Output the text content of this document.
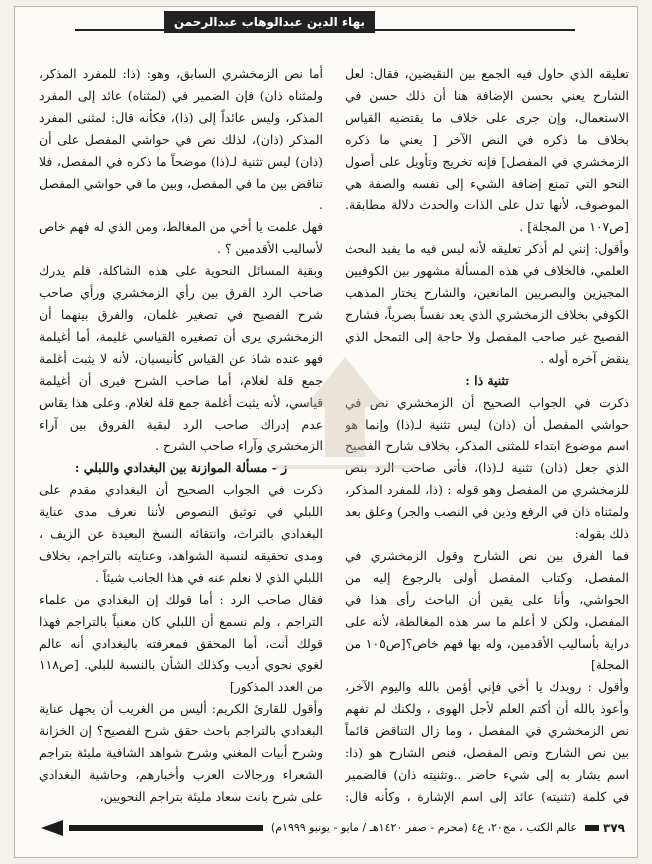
بهاء الدين عبدالوهاب عبدالرحمن

تعليقه الذي حاول فيه الجمع بين النقيضين، فقال: لعل الشارح يعني بحسن الإضافة هنا أن ذلك حسن في الاستعمال، وإن جرى على خلاف ما يقتضيه القياس بخلاف ما ذكره في النص الآخر [ يعني ما ذكره الزمخشري في المفصل] فإنه تخريج وتأويل على أصول النحو التي تمنع إضافة الشيء إلى نفسه والصفة هي الموصوف، لأنها تدل على الذات والحدث دلالة مطابقة. [ص١٠٧ من المجلة] .

وأقول: إنني لم أذكر تعليقه لأنه ليس فيه ما يفيد البحث العلمي، فالخلاف في هذه المسألة مشهور بين الكوفيين المجيزين والبصريين المانعين، والشارح يختار المذهب الكوفي بخلاف الزمخشري الذي يعد نفساً بصرياً، فشارح الفصيح غير صاحب المفصل ولا حاجة إلى التمحل الذي ينقض آخره أوله .

تثنية ذا :

ذكرت في الجواب الصحيح أن الزمخشري نص في حواشي المفصل أن (ذان) ليس تثنية لـ(ذا) وإنما هو اسم موضوع ابتداء للمثنى المذكر، بخلاف شارح الفصيح الذي جعل (ذان) تثنية لـ(ذا)، فأتى صاحب الرد بنص للزمخشري من المفصل وهو قوله : (ذا، للمفرد المذكر، ولمثناه ذان في الرفع وذين في النصب والجر) وعلق بعد ذلك بقوله:

فما الفرق بين نص الشارح وقول الزمخشري في المفصل، وكتاب المفصل أولى بالرجوع إليه من الحواشي، وأنا على يقين أن الباحث رأى هذا في المفصل، ولكن لا أعلم ما سر هذه المغالطة، لأنه على دراية بأساليب الأقدمين، وله بها فهم خاص؟[ص١٠٥ من المجلة]

وأقول : رويدك يا أخي فإني أؤمن بالله واليوم الآخر، وأعوذ بالله أن أكتم العلم لأجل الهوى ، ولكنك لم تفهم نص الزمخشري في المفصل ، وما زال التناقض قائماً بين نص الشارح ونص المفصل، فنص الشارح هو (ذا: اسم يشار به إلى شيء حاضر ..وتثنيته ذان) فالضمير في كلمة (تثنيته) عائد إلى اسم الإشارة ، وكأنه قال:

أما نص الزمخشري السابق، وهو: (ذا: للمفرد المذكر، ولمثناه ذان) فإن الضمير في (لمثناه) عائد إلى المفرد المذكر، وليس عائداً إلى (ذا)، فكأنه قال: لمثنى المفرد المذكر (ذان)، لذلك نص في حواشي المفصل على أن (ذان) ليس تثنية لـ(ذا) موضحاً ما ذكره في المفصل، فلا تناقض بين ما في المفصل، وبين ما في حواشي المفصل .

فهل علمت يا أخي من المغالط، ومن الذي له فهم خاص لأساليب الأقدمين ؟ .

وبقية المسائل النحوية على هذه الشاكلة، فلم يدرك صاحب الرد الفرق بين رأي الزمخشري ورأي صاحب شرح الفصيح في تصغير غلمان، والفرق بينهما أن الزمخشري يرى أن تصغيره القياسي غليمة، أما أغيلمة فهو عنده شاذ عن القياس كأنيسيان، لأنه لا يثبت أغلمة جمع قلة لغلام، أما صاحب الشرح فيرى أن أغيلمة قياسي، لأنه يثبت أغلمة جمع قلة لغلام. وعلى هذا يقاس عدم إدراك صاحب الرد لبقية الفروق بين آراء الزمخشري وآراء صاحب الشرح .

ز - مسألة الموازنة بين البغدادي واللبلي :

ذكرت في الجواب الصحيح أن البغدادي مقدم على اللبلي في توثيق النصوص لأننا نعرف مدى عناية البغدادي بالتراث، وانتقائه النسخ البعيدة عن الزيف ، ومدى تحقيقه لنسبة الشواهد، وعنايته بالتراجم، بخلاف اللبلي الذي لا نعلم عنه في هذا الجانب شيئاً .

فقال صاحب الرد : أما قولك إن البغدادي من علماء التراجم ، ولم نسمع أن اللبلي كان معنياً بالتراجم فهذا قولك أنت، أما المحقق فمعرفته بالبغدادي أنه عالم لغوي نحوي أديب وكذلك الشأن بالنسبة للبلي. [ص١١٨ من العدد المذكور]

وأقول للقارئ الكريم: أليس من الغريب أن يجهل عناية البغدادي بالتراجم باحث حقق شرح الفصيح؟ إن الخزانة وشرح أبيات المغني وشرح شواهد الشافية مليئة بتراجم الشعراء ورجالات العرب وأخبارهم، وحاشية البغدادي على شرح بانت سعاد مليئة بتراجم النحويين،

عالم الكتب ، مج٢٠، ع٤ (محرم - صفر ١٤٢٠هـ / مايو - يونيو ١٩٩٩م)	٣٧٩
